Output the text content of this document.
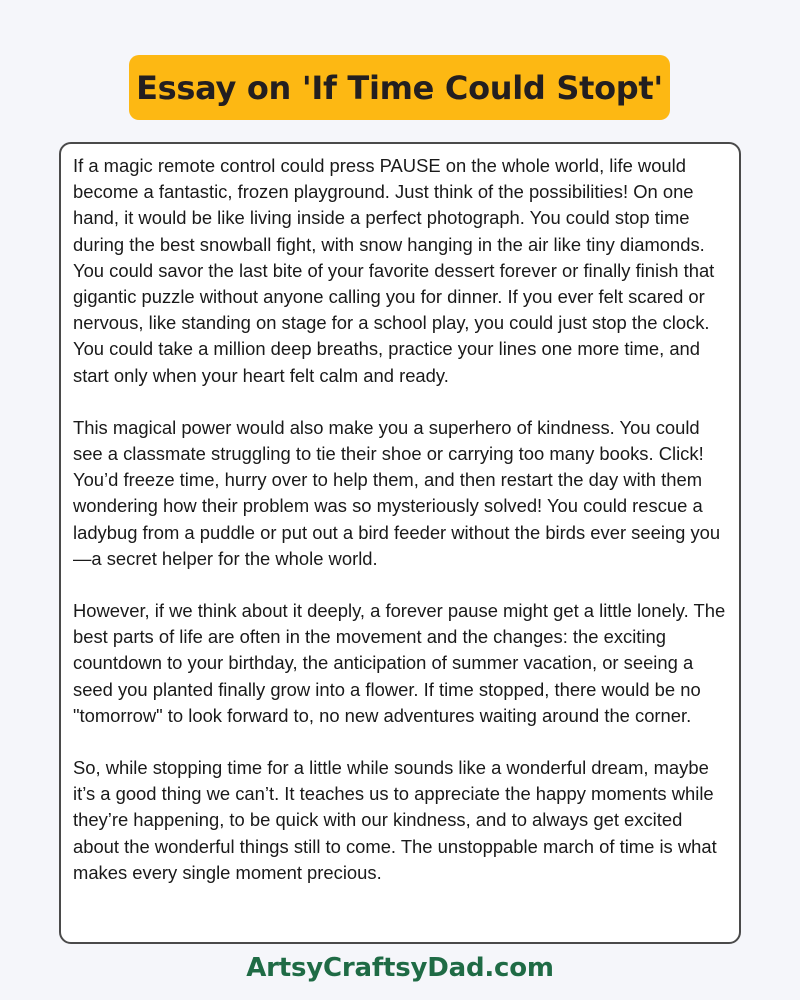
Essay on 'If Time Could Stopt'

If a magic remote control could press PAUSE on the whole world, life would become a fantastic, frozen playground. Just think of the possibilities! On one hand, it would be like living inside a perfect photograph. You could stop time during the best snowball fight, with snow hanging in the air like tiny diamonds. You could savor the last bite of your favorite dessert forever or finally finish that gigantic puzzle without anyone calling you for dinner. If you ever felt scared or nervous, like standing on stage for a school play, you could just stop the clock. You could take a million deep breaths, practice your lines one more time, and start only when your heart felt calm and ready.

This magical power would also make you a superhero of kindness. You could see a classmate struggling to tie their shoe or carrying too many books. Click! You’d freeze time, hurry over to help them, and then restart the day with them wondering how their problem was so mysteriously solved! You could rescue a ladybug from a puddle or put out a bird feeder without the birds ever seeing you—a secret helper for the whole world.

However, if we think about it deeply, a forever pause might get a little lonely. The best parts of life are often in the movement and the changes: the exciting countdown to your birthday, the anticipation of summer vacation, or seeing a seed you planted finally grow into a flower. If time stopped, there would be no "tomorrow" to look forward to, no new adventures waiting around the corner.

So, while stopping time for a little while sounds like a wonderful dream, maybe it’s a good thing we can’t. It teaches us to appreciate the happy moments while they’re happening, to be quick with our kindness, and to always get excited about the wonderful things still to come. The unstoppable march of time is what makes every single moment precious.

ArtsyCraftsyDad.com
